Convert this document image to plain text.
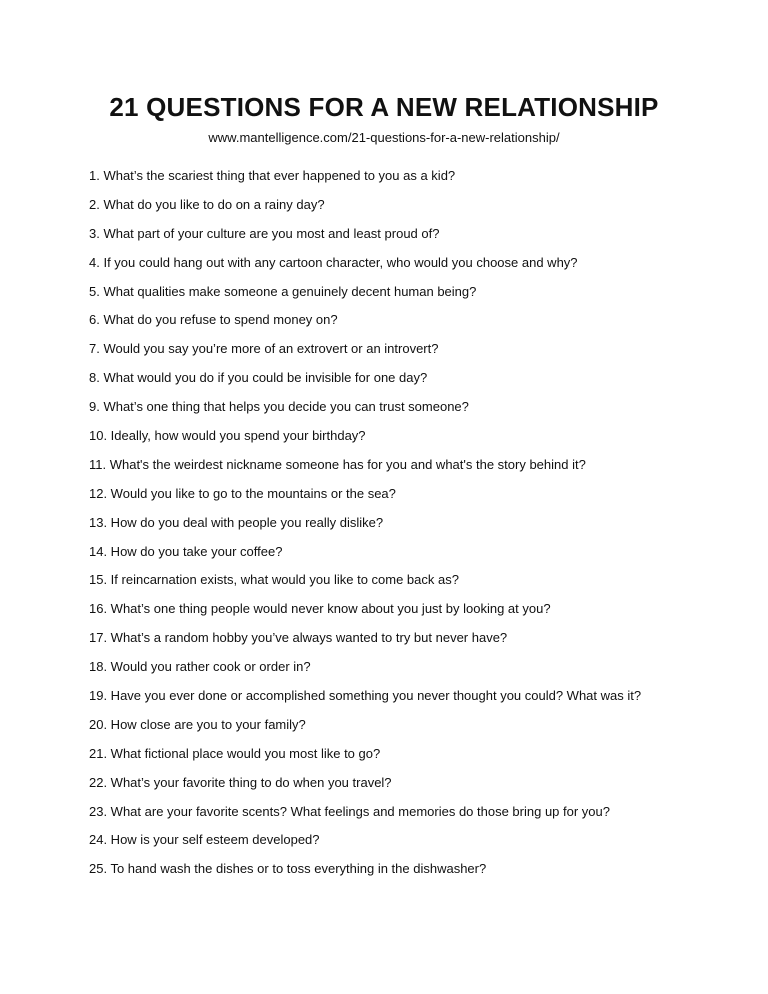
21 QUESTIONS FOR A NEW RELATIONSHIP
www.mantelligence.com/21-questions-for-a-new-relationship/
1. What’s the scariest thing that ever happened to you as a kid?
2. What do you like to do on a rainy day?
3. What part of your culture are you most and least proud of?
4. If you could hang out with any cartoon character, who would you choose and why?
5. What qualities make someone a genuinely decent human being?
6. What do you refuse to spend money on?
7. Would you say you’re more of an extrovert or an introvert?
8. What would you do if you could be invisible for one day?
9. What’s one thing that helps you decide you can trust someone?
10. Ideally, how would you spend your birthday?
11. What's the weirdest nickname someone has for you and what's the story behind it?
12. Would you like to go to the mountains or the sea?
13. How do you deal with people you really dislike?
14. How do you take your coffee?
15. If reincarnation exists, what would you like to come back as?
16. What’s one thing people would never know about you just by looking at you?
17. What’s a random hobby you’ve always wanted to try but never have?
18. Would you rather cook or order in?
19. Have you ever done or accomplished something you never thought you could? What was it?
20. How close are you to your family?
21. What fictional place would you most like to go?
22. What’s your favorite thing to do when you travel?
23. What are your favorite scents? What feelings and memories do those bring up for you?
24. How is your self esteem developed?
25. To hand wash the dishes or to toss everything in the dishwasher?
